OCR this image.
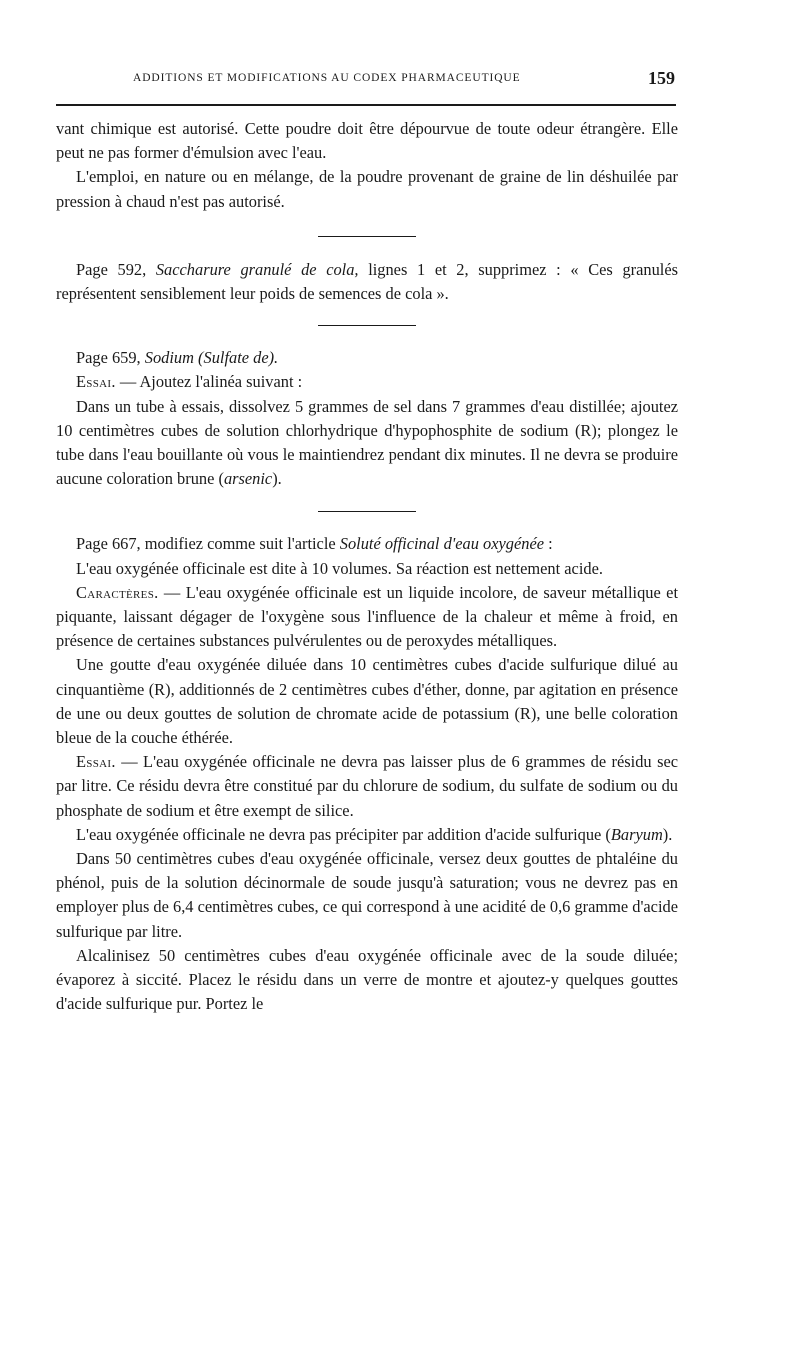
ADDITIONS ET MODIFICATIONS AU CODEX PHARMACEUTIQUE	159

vant chimique est autorisé. Cette poudre doit être dépourvue de toute odeur étrangère. Elle peut ne pas former d'émulsion avec l'eau.

L'emploi, en nature ou en mélange, de la poudre provenant de graine de lin déshuilée par pression à chaud n'est pas autorisé.

Page 592, Saccharure granulé de cola, lignes 1 et 2, supprimez : « Ces granulés représentent sensiblement leur poids de semences de cola ».

Page 659, Sodium (Sulfate de).

Essai. — Ajoutez l'alinéa suivant :

Dans un tube à essais, dissolvez 5 grammes de sel dans 7 grammes d'eau distillée; ajoutez 10 centimètres cubes de solution chlorhydrique d'hypophosphite de sodium (R); plongez le tube dans l'eau bouillante où vous le maintiendrez pendant dix minutes. Il ne devra se produire aucune coloration brune (arsenic).

Page 667, modifiez comme suit l'article Soluté officinal d'eau oxygénée :

L'eau oxygénée officinale est dite à 10 volumes. Sa réaction est nettement acide.

Caractères. — L'eau oxygénée officinale est un liquide incolore, de saveur métallique et piquante, laissant dégager de l'oxygène sous l'influence de la chaleur et même à froid, en présence de certaines substances pulvérulentes ou de peroxydes métalliques.

Une goutte d'eau oxygénée diluée dans 10 centimètres cubes d'acide sulfurique dilué au cinquantième (R), additionnés de 2 centimètres cubes d'éther, donne, par agitation en présence de une ou deux gouttes de solution de chromate acide de potassium (R), une belle coloration bleue de la couche éthérée.

Essai. — L'eau oxygénée officinale ne devra pas laisser plus de 6 grammes de résidu sec par litre. Ce résidu devra être constitué par du chlorure de sodium, du sulfate de sodium ou du phosphate de sodium et être exempt de silice.

L'eau oxygénée officinale ne devra pas précipiter par addition d'acide sulfurique (Baryum).

Dans 50 centimètres cubes d'eau oxygénée officinale, versez deux gouttes de phtaléine du phénol, puis de la solution décinormale de soude jusqu'à saturation; vous ne devrez pas en employer plus de 6,4 centimètres cubes, ce qui correspond à une acidité de 0,6 gramme d'acide sulfurique par litre.

Alcalinisez 50 centimètres cubes d'eau oxygénée officinale avec de la soude diluée; évaporez à siccité. Placez le résidu dans un verre de montre et ajoutez-y quelques gouttes d'acide sulfurique pur. Portez le
